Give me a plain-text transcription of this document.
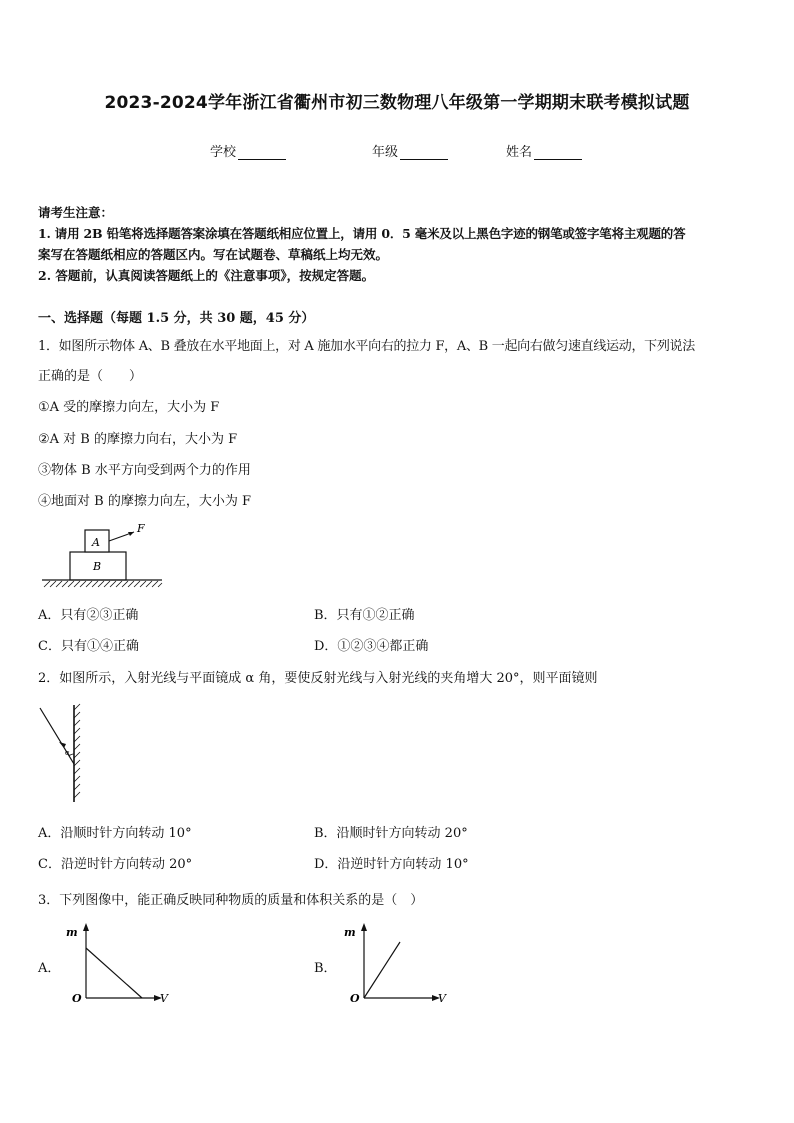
2023-2024学年浙江省衢州市初三数物理八年级第一学期期末联考模拟试题
学校	年级	姓名
请考生注意：
1. 请用 2B 铅笔将选择题答案涂填在答题纸相应位置上，请用 0．5 毫米及以上黑色字迹的钢笔或签字笔将主观题的答
案写在答题纸相应的答题区内。写在试题卷、草稿纸上均无效。
2. 答题前，认真阅读答题纸上的《注意事项》，按规定答题。
一、选择题（每题 1.5 分，共 30 题，45 分）
1．如图所示物体 A、B 叠放在水平地面上，对 A 施加水平向右的拉力 F，A、B 一起向右做匀速直线运动，下列说法
正确的是（　　）
①A 受的摩擦力向左，大小为 F
②A 对 B 的摩擦力向右，大小为 F
③物体 B 水平方向受到两个力的作用
④地面对 B 的摩擦力向左，大小为 F
A
B
F
A．只有②③正确	B．只有①②正确
C．只有①④正确	D．①②③④都正确
2．如图所示，入射光线与平面镜成 α 角，要使反射光线与入射光线的夹角增大 20°，则平面镜则
α
A．沿顺时针方向转动 10°	B．沿顺时针方向转动 20°
C．沿逆时针方向转动 20°	D．沿逆时针方向转动 10°
3．下列图像中，能正确反映同种物质的质量和体积关系的是（　）
A．
m
V
O
B．
m
V
O
